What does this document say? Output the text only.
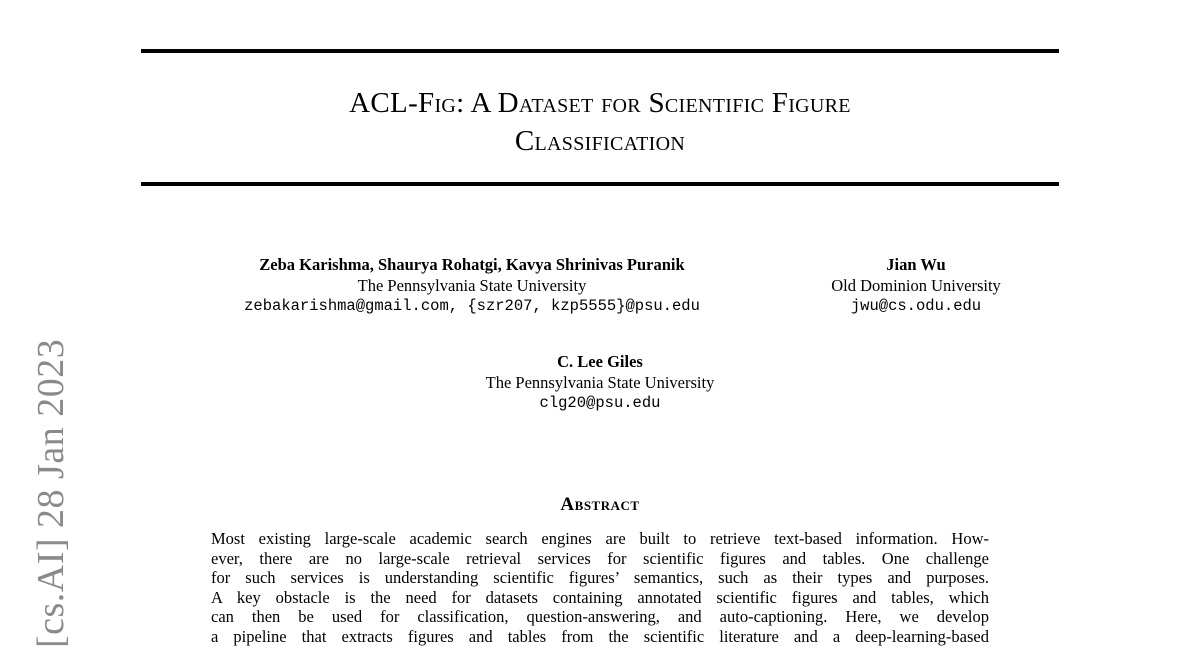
ACL-Fig: A Dataset for Scientific Figure
Classification
Zeba Karishma, Shaurya Rohatgi, Kavya Shrinivas Puranik
The Pennsylvania State University
zebakarishma@gmail.com, {szr207, kzp5555}@psu.edu
Jian Wu
Old Dominion University
jwu@cs.odu.edu
C. Lee Giles
The Pennsylvania State University
clg20@psu.edu
Abstract
Most existing large-scale academic search engines are built to retrieve text-based information. How-
ever, there are no large-scale retrieval services for scientific figures and tables. One challenge
for such services is understanding scientific figures’ semantics, such as their types and purposes.
A key obstacle is the need for datasets containing annotated scientific figures and tables, which
can then be used for classification, question-answering, and auto-captioning. Here, we develop
a pipeline that extracts figures and tables from the scientific literature and a deep-learning-based
[cs.AI] 28 Jan 2023
